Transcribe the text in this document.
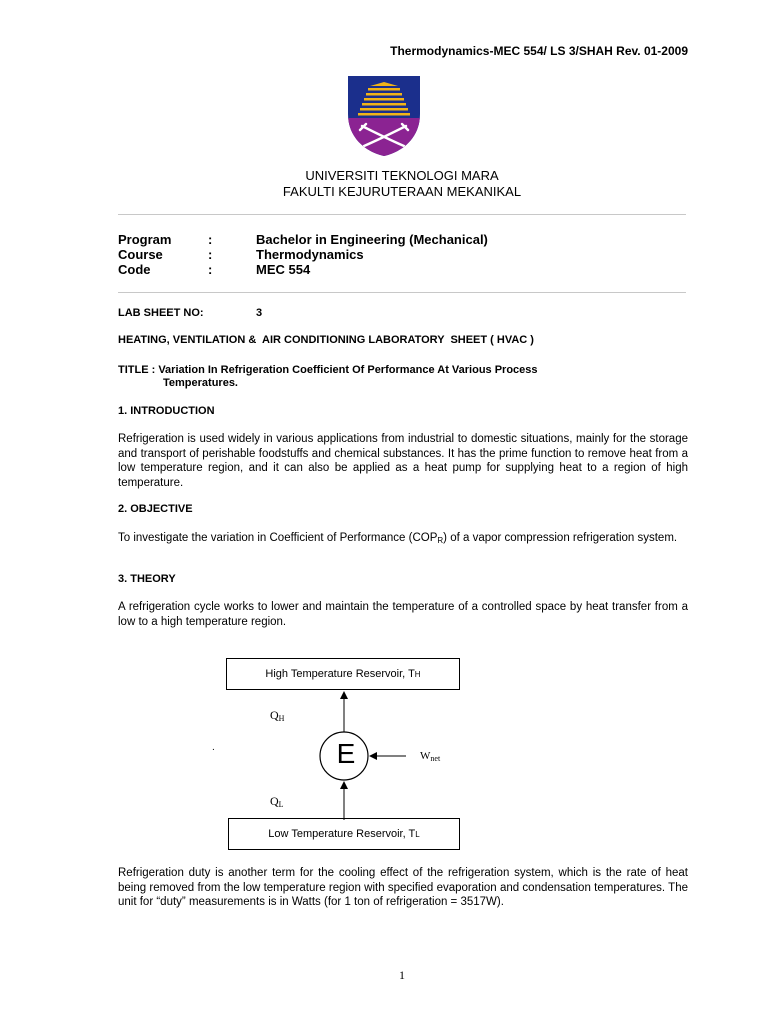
Thermodynamics-MEC 554/ LS 3/SHAH Rev. 01-2009
UNIVERSITI TEKNOLOGI MARA
FAKULTI KEJURUTERAAN MEKANIKAL
Program	:	Bachelor in Engineering (Mechanical)
Course	:	Thermodynamics
Code	:	MEC 554
LAB SHEET NO:	3
HEATING, VENTILATION &  AIR CONDITIONING LABORATORY  SHEET ( HVAC )
TITLE : Variation In Refrigeration Coefficient Of Performance At Various Process
Temperatures.
1. INTRODUCTION
Refrigeration is used widely in various applications from industrial to domestic situations, mainly for the storage and transport of perishable foodstuffs and chemical substances. It has the prime function to remove heat from a low temperature region, and it can also be applied as a heat pump for supplying heat to a region of high temperature.
2. OBJECTIVE
To investigate the variation in Coefficient of Performance $(COP_R)$ of a vapor compression refrigeration system.
3. THEORY
A refrigeration cycle works to lower and maintain the temperature of a controlled space by heat transfer from a low to a high temperature region.
High Temperature Reservoir, T H
E
$Q_H$
$Q_L$
$W_{net}$
.
Low Temperature Reservoir, T L
Refrigeration duty is another term for the cooling effect of the refrigeration system, which is the rate of heat being removed from the low temperature region with specified evaporation and condensation temperatures. The unit for “duty” measurements is in Watts (for 1 ton of refrigeration = 3517W).
1
